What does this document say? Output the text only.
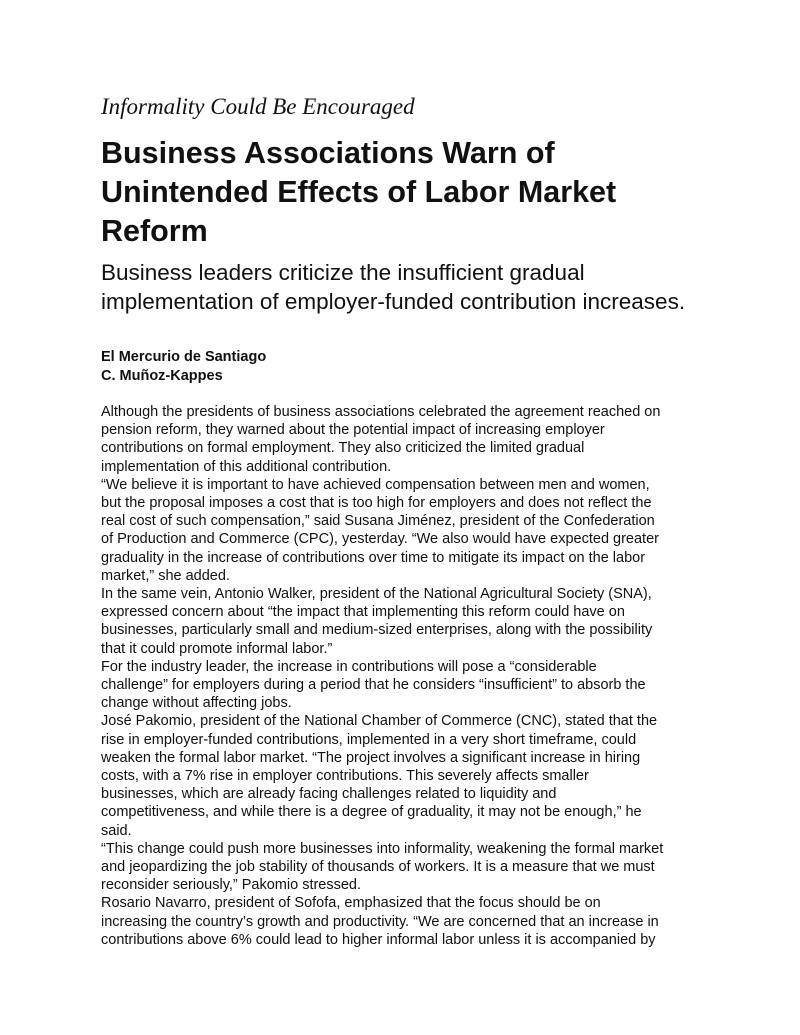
Informality Could Be Encouraged
Business Associations Warn of
Unintended Effects of Labor Market
Reform
Business leaders criticize the insufficient gradual
implementation of employer-funded contribution increases.
El Mercurio de Santiago
C. Muñoz-Kappes

Although the presidents of business associations celebrated the agreement reached on

pension reform, they warned about the potential impact of increasing employer

contributions on formal employment. They also criticized the limited gradual

implementation of this additional contribution.

“We believe it is important to have achieved compensation between men and women,

but the proposal imposes a cost that is too high for employers and does not reflect the

real cost of such compensation,” said Susana Jiménez, president of the Confederation

of Production and Commerce (CPC), yesterday. “We also would have expected greater

graduality in the increase of contributions over time to mitigate its impact on the labor

market,” she added.

In the same vein, Antonio Walker, president of the National Agricultural Society (SNA),

expressed concern about “the impact that implementing this reform could have on

businesses, particularly small and medium-sized enterprises, along with the possibility

that it could promote informal labor.”

For the industry leader, the increase in contributions will pose a “considerable

challenge” for employers during a period that he considers “insufficient” to absorb the

change without affecting jobs.

José Pakomio, president of the National Chamber of Commerce (CNC), stated that the

rise in employer-funded contributions, implemented in a very short timeframe, could

weaken the formal labor market. “The project involves a significant increase in hiring

costs, with a 7% rise in employer contributions. This severely affects smaller

businesses, which are already facing challenges related to liquidity and

competitiveness, and while there is a degree of graduality, it may not be enough,” he

said.

“This change could push more businesses into informality, weakening the formal market

and jeopardizing the job stability of thousands of workers. It is a measure that we must

reconsider seriously,” Pakomio stressed.

Rosario Navarro, president of Sofofa, emphasized that the focus should be on

increasing the country’s growth and productivity. “We are concerned that an increase in

contributions above 6% could lead to higher informal labor unless it is accompanied by
